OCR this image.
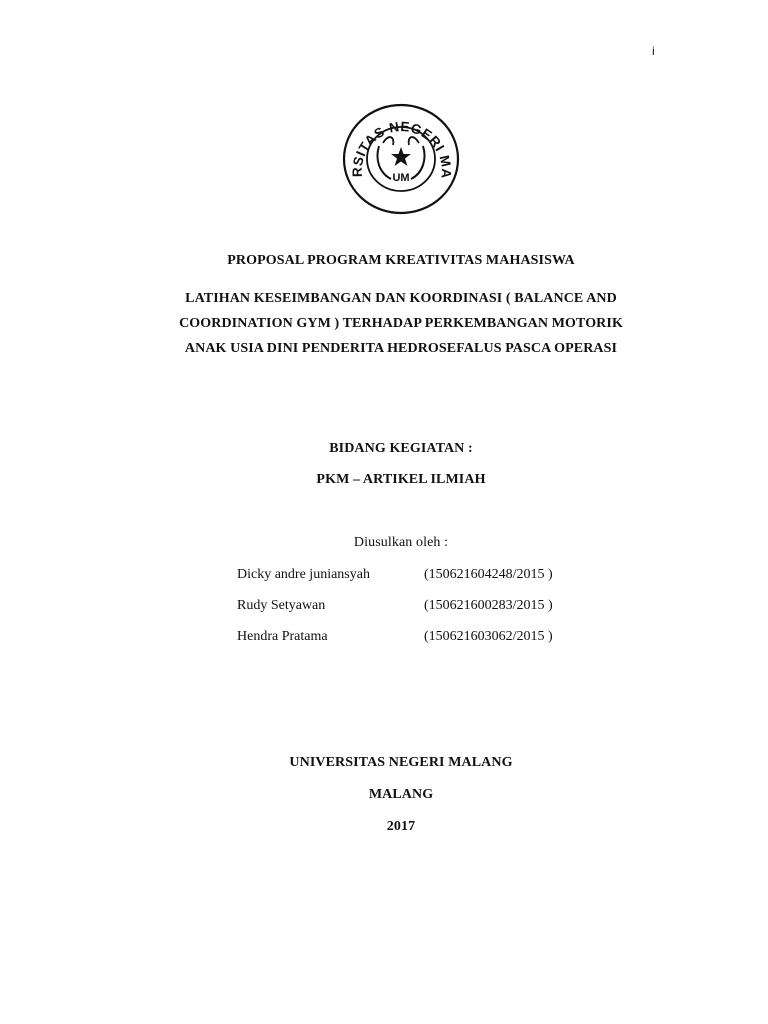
i
RSITAS NEGERI MA
UM
PROPOSAL PROGRAM KREATIVITAS MAHASISWA
LATIHAN KESEIMBANGAN DAN KOORDINASI ( BALANCE AND
COORDINATION GYM ) TERHADAP PERKEMBANGAN MOTORIK
ANAK USIA DINI PENDERITA HEDROSEFALUS PASCA OPERASI
BIDANG KEGIATAN :
PKM – ARTIKEL ILMIAH
Diusulkan oleh :
Dicky andre juniansyah	(150621604248/2015 )
Rudy Setyawan	(150621600283/2015 )
Hendra Pratama	(150621603062/2015 )
UNIVERSITAS NEGERI MALANG
MALANG
2017
